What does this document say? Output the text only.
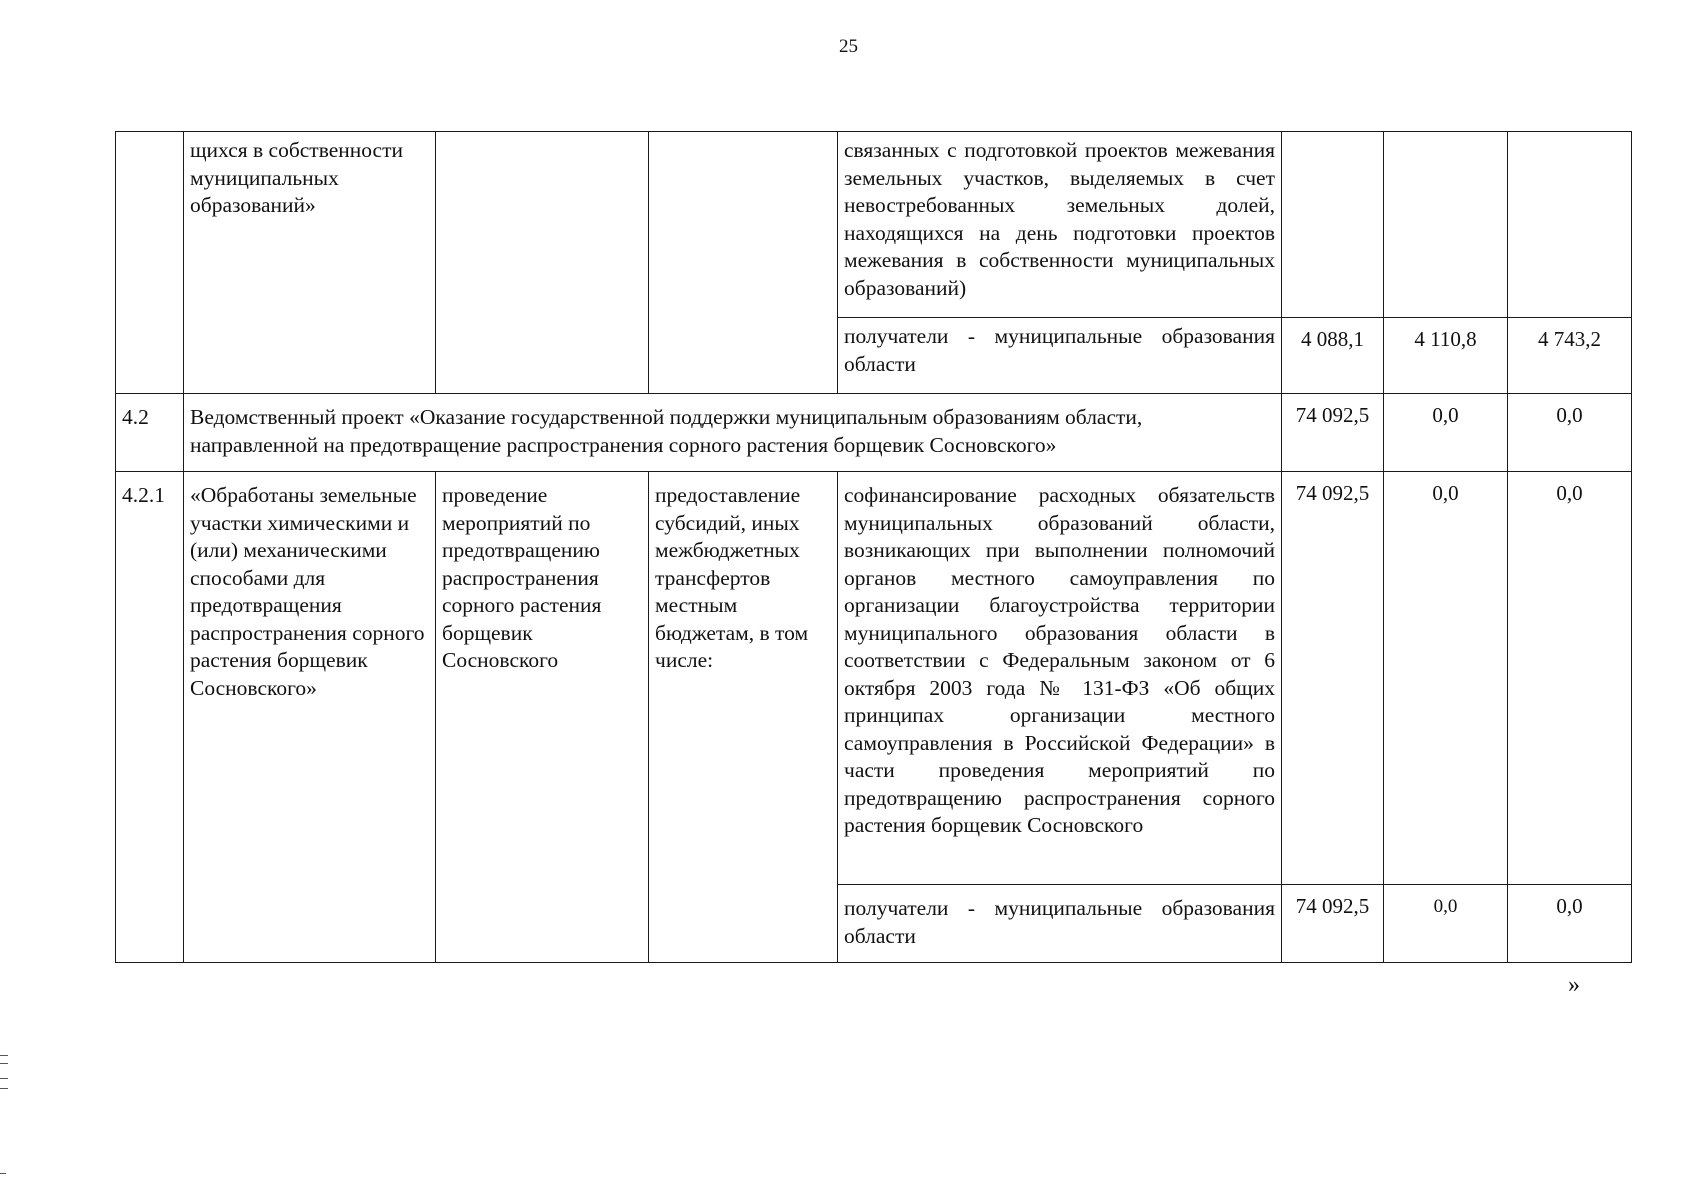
25
	щихся в собственности муниципальных образований»			связанных с подготовкой проектов межевания земельных участков, выделяемых в счет невостребованных земельных долей, находящихся на день подготовки проектов межевания в собственности муниципальных образований)			
				получатели - муниципальные образования области	4 088,1	4 110,8	4 743,2
4.2	Ведомственный проект «Оказание государственной поддержки муниципальным образованиям области, направленной на предотвращение распространения сорного растения борщевик Сосновского»				74 092,5	0,0	0,0
4.2.1	«Обработаны земельные участки химическими и (или) механическими способами для предотвращения распространения сорного растения борщевик Сосновского»	проведение мероприятий по предотвращению распространения сорного растения борщевик Сосновского	предоставление субсидий, иных межбюджетных трансфертов местным бюджетам, в том числе:	софинансирование расходных обязательств муниципальных образований области, возникающих при выполнении полномочий органов местного самоуправления по организации благоустройства территории муниципального образования области в соответствии с Федеральным законом от 6 октября 2003 года № 131-ФЗ «Об общих принципах организации местного самоуправления в Российской Федерации» в части проведения мероприятий по предотвращению распространения сорного растения борщевик Сосновского	74 092,5	0,0	0,0
				получатели - муниципальные образования области	74 092,5	0,0	0,0
»
